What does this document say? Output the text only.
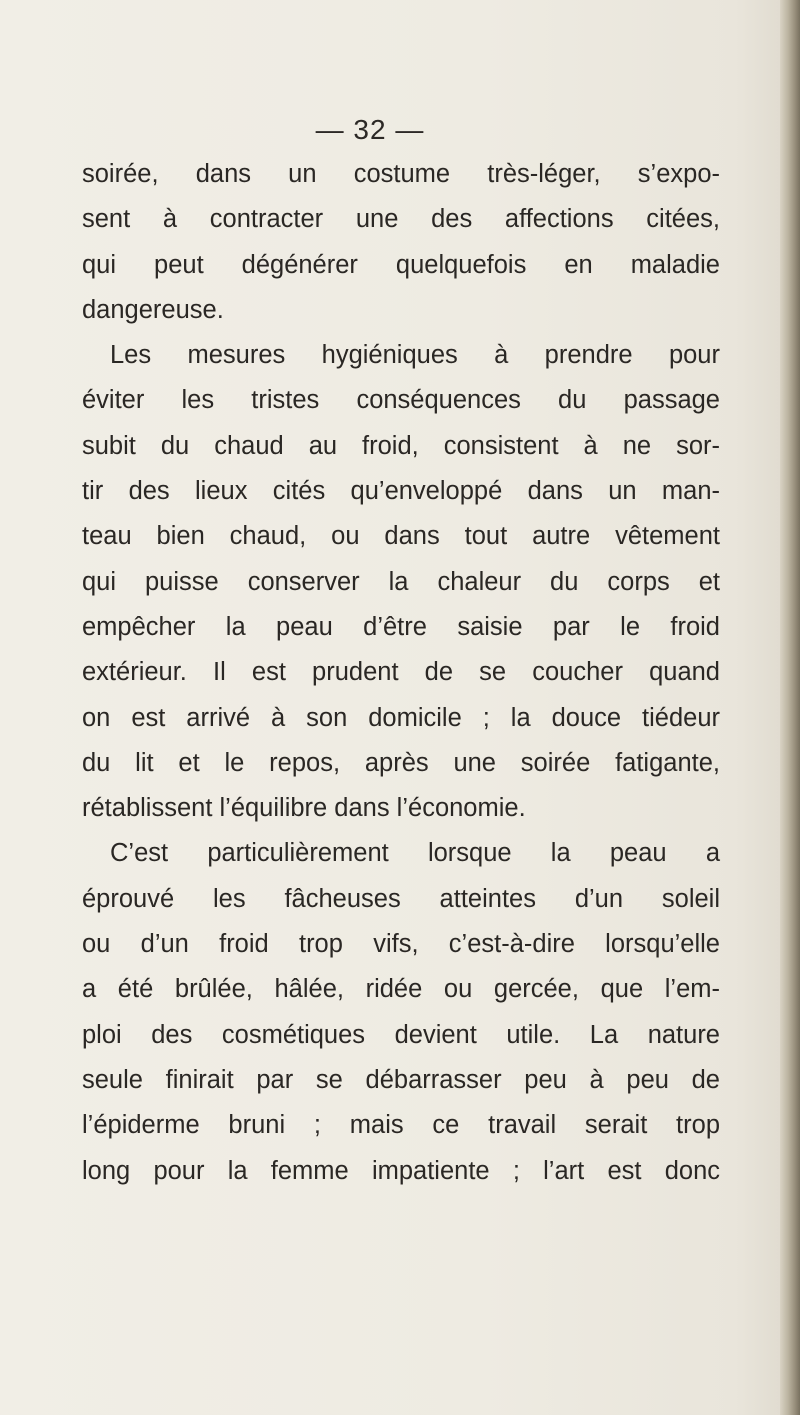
— 32 —
soirée, dans un costume très-léger, s’expo-
sent à contracter une des affections citées,
qui peut dégénérer quelquefois en maladie
dangereuse.
Les mesures hygiéniques à prendre pour
éviter les tristes conséquences du passage
subit du chaud au froid, consistent à ne sor-
tir des lieux cités qu’enveloppé dans un man-
teau bien chaud, ou dans tout autre vêtement
qui puisse conserver la chaleur du corps et
empêcher la peau d’être saisie par le froid
extérieur. Il est prudent de se coucher quand
on est arrivé à son domicile ; la douce tiédeur
du lit et le repos, après une soirée fatigante,
rétablissent l’équilibre dans l’économie.
C’est particulièrement lorsque la peau a
éprouvé les fâcheuses atteintes d’un soleil
ou d’un froid trop vifs, c’est-à-dire lorsqu’elle
a été brûlée, hâlée, ridée ou gercée, que l’em-
ploi des cosmétiques devient utile. La nature
seule finirait par se débarrasser peu à peu de
l’épiderme bruni ; mais ce travail serait trop
long pour la femme impatiente ; l’art est donc
